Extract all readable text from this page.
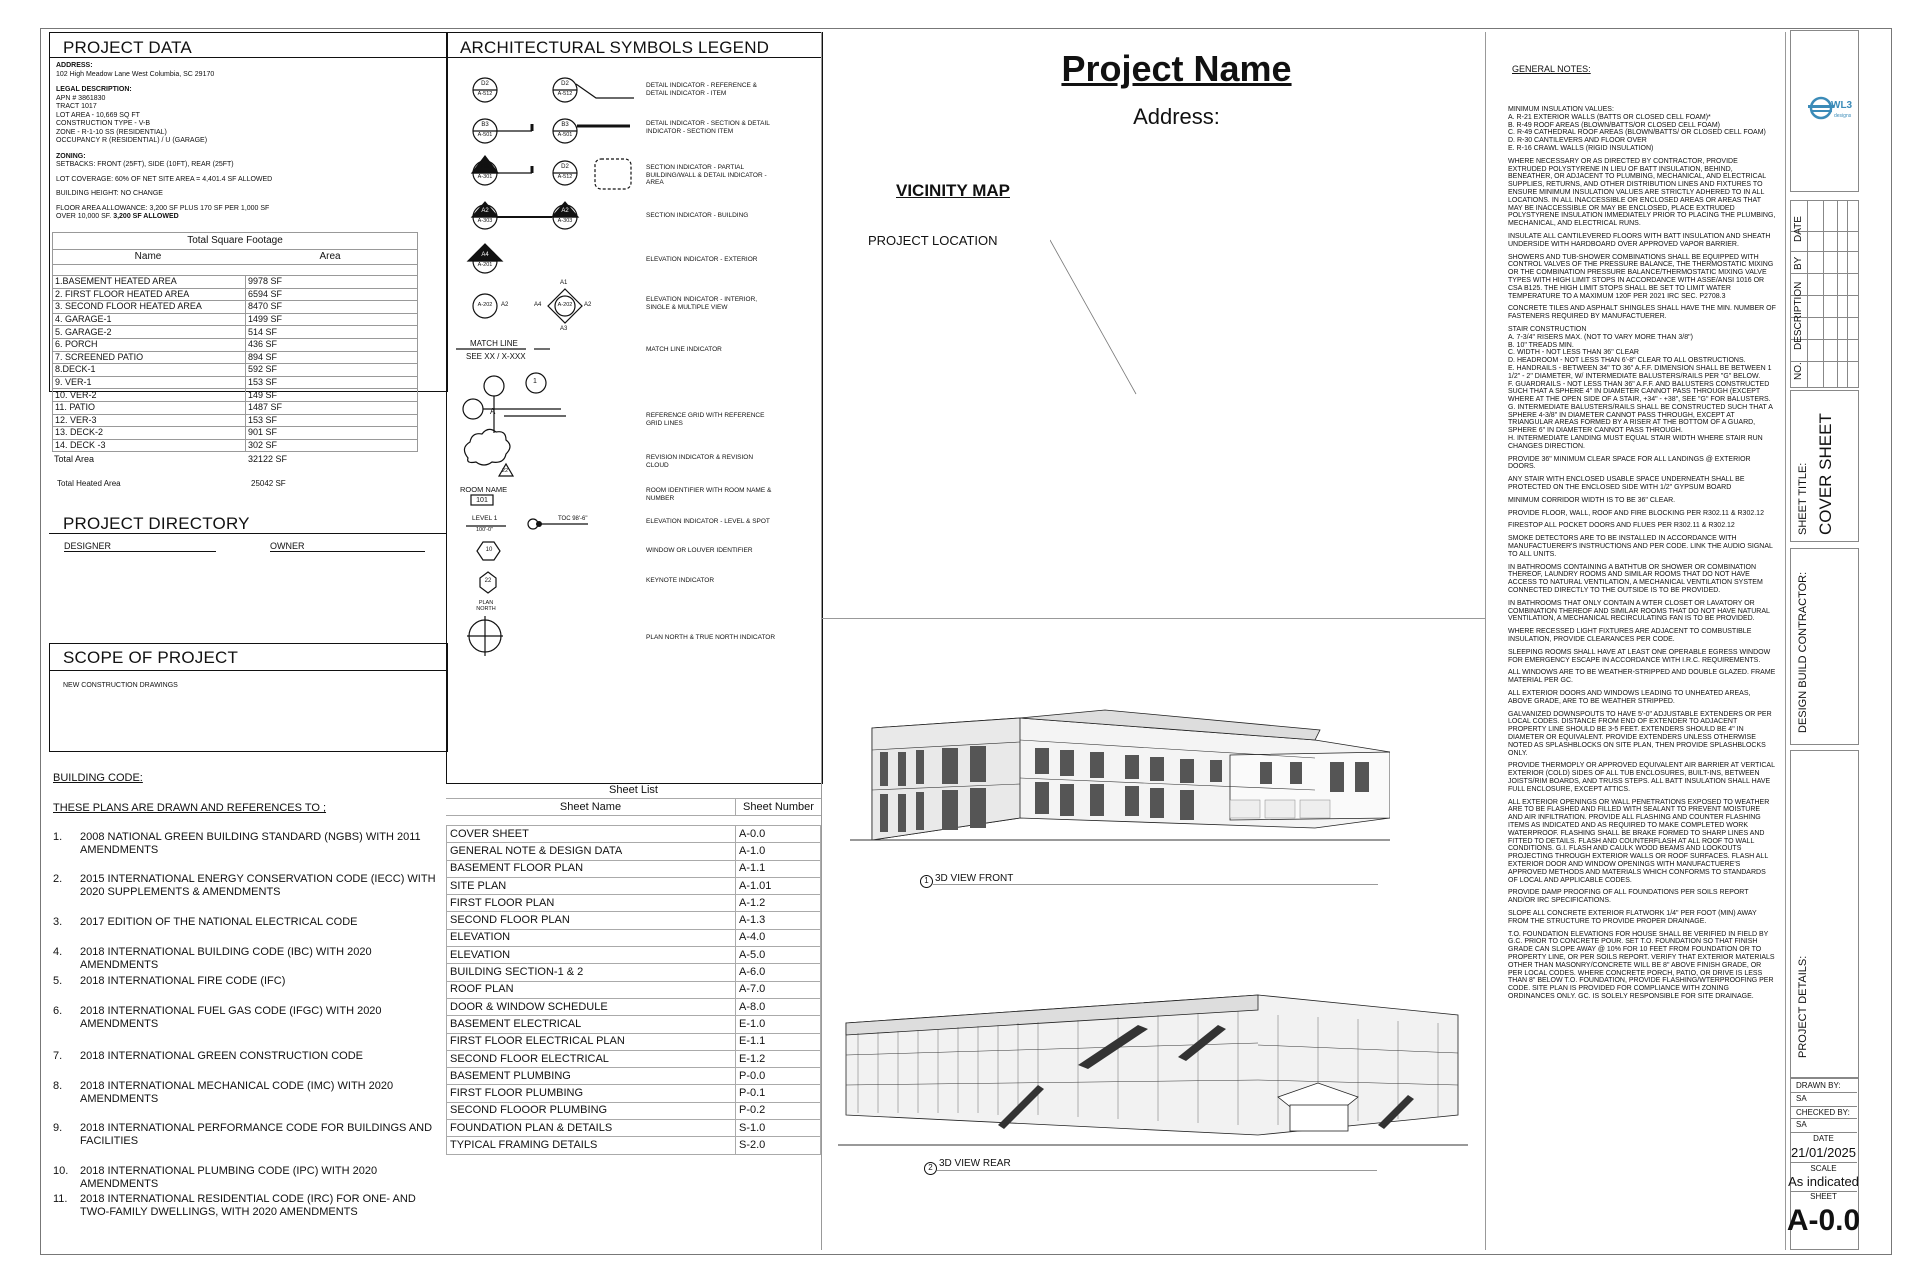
PROJECT DATA
ADDRESS:
102 High Meadow Lane West Columbia, SC 29170
LEGAL DESCRIPTION:
APN # 3861830
TRACT 1017
LOT AREA - 10,669 SQ FT
CONSTRUCTION TYPE - V-B
ZONE - R-1-10 SS (RESIDENTIAL)
OCCUPANCY R (RESIDENTIAL) / U (GARAGE)
ZONING:
SETBACKS: FRONT (25FT), SIDE (10FT), REAR (25FT)
LOT COVERAGE: 60% OF NET SITE AREA = 4,401.4 SF ALLOWED
BUILDING HEIGHT: NO CHANGE
FLOOR AREA ALLOWANCE: 3,200 SF PLUS 170 SF PER 1,000 SF
OVER 10,000 SF. 3,200 SF ALLOWED
Total Square Footage
Name	Area
1.BASEMENT HEATED AREA	9978 SF
2. FIRST FLOOR HEATED AREA	6594 SF
3. SECOND FLOOR HEATED AREA	8470 SF
4. GARAGE-1	1499 SF
5. GARAGE-2	514 SF
6. PORCH	436 SF
7. SCREENED PATIO	894 SF
8.DECK-1	592 SF
9. VER-1	153 SF
10. VER-2	149 SF
11. PATIO	1487 SF
12. VER-3	153 SF
13. DECK-2	901 SF
14. DECK -3	302 SF
Total Area	32122 SF
Total Heated Area	25042 SF
PROJECT DIRECTORY
DESIGNER	OWNER
SCOPE OF PROJECT
NEW CONSTRUCTION DRAWINGS
BUILDING CODE:
THESE PLANS ARE DRAWN AND REFERENCES TO ;
1. 2008 NATIONAL GREEN BUILDING STANDARD (NGBS) WITH 2011 AMENDMENTS
2. 2015 INTERNATIONAL ENERGY CONSERVATION CODE (IECC) WITH 2020 SUPPLEMENTS & AMENDMENTS
3. 2017 EDITION OF THE NATIONAL ELECTRICAL CODE
4. 2018 INTERNATIONAL BUILDING CODE (IBC) WITH 2020 AMENDMENTS
5. 2018 INTERNATIONAL FIRE CODE (IFC)
6. 2018 INTERNATIONAL FUEL GAS CODE (IFGC) WITH 2020 AMENDMENTS
7. 2018 INTERNATIONAL GREEN CONSTRUCTION CODE
8. 2018 INTERNATIONAL MECHANICAL CODE (IMC) WITH 2020 AMENDMENTS
9. 2018 INTERNATIONAL PERFORMANCE CODE FOR BUILDINGS AND FACILITIES
10. 2018 INTERNATIONAL PLUMBING CODE (IPC) WITH 2020 AMENDMENTS
11. 2018 INTERNATIONAL RESIDENTIAL CODE (IRC) FOR ONE- AND TWO-FAMILY DWELLINGS, WITH 2020 AMENDMENTS
ARCHITECTURAL SYMBOLS LEGEND
D2
A-512
D2
A-512
B3
A-501
B3
A-501
B3
A-301
D2
A-512
A2
A-303
A2
A-303
A4
A-201
A-202	A2	A-202
A4	A2
A1
A3
MATCH LINE
SEE XX / X-XXX
A
1
22
ROOM NAME
101
LEVEL 1
100'-0"
TOC 98'-6"
10
22
PLAN NORTH
DETAIL INDICATOR - REFERENCE & DETAIL INDICATOR - ITEM
DETAIL INDICATOR - SECTION & DETAIL INDICATOR - SECTION ITEM
SECTION INDICATOR - PARTIAL BUILDING/WALL & DETAIL INDICATOR - AREA
SECTION INDICATOR - BUILDING
ELEVATION INDICATOR - EXTERIOR
ELEVATION INDICATOR - INTERIOR, SINGLE & MULTIPLE VIEW
MATCH LINE INDICATOR
REFERENCE GRID WITH REFERENCE GRID LINES
REVISION INDICATOR & REVISION CLOUD
ROOM IDENTIFIER WITH ROOM NAME & NUMBER
ELEVATION INDICATOR - LEVEL & SPOT
WINDOW OR LOUVER IDENTIFIER
KEYNOTE INDICATOR
PLAN NORTH & TRUE NORTH INDICATOR
Sheet List
Sheet Name	Sheet Number
COVER SHEET	A-0.0
GENERAL NOTE & DESIGN DATA	A-1.0
BASEMENT FLOOR PLAN	A-1.1
SITE PLAN	A-1.01
FIRST FLOOR PLAN	A-1.2
SECOND FLOOR PLAN	A-1.3
ELEVATION	A-4.0
ELEVATION	A-5.0
BUILDING SECTION-1 & 2	A-6.0
ROOF PLAN	A-7.0
DOOR & WINDOW SCHEDULE	A-8.0
BASEMENT ELECTRICAL	E-1.0
FIRST FLOOR ELECTRICAL PLAN	E-1.1
SECOND FLOOR ELECTRICAL	E-1.2
BASEMENT PLUMBING	P-0.0
FIRST FLOOR PLUMBING	P-0.1
SECOND FLOOOR PLUMBING	P-0.2
FOUNDATION PLAN & DETAILS	S-1.0
TYPICAL FRAMING DETAILS	S-2.0
Project Name
Address:
VICINITY MAP
PROJECT LOCATION
1 3D VIEW FRONT
2 3D VIEW REAR
GENERAL NOTES:
MINIMUM INSULATION VALUES:
A. R-21 EXTERIOR WALLS (BATTS OR CLOSED CELL FOAM)*
B. R-49 ROOF AREAS (BLOWN/BATTS/OR CLOSED CELL FOAM)
C. R-49 CATHEDRAL ROOF AREAS (BLOWN/BATTS/ OR CLOSED CELL FOAM)
D. R-30 CANTILEVERS AND FLOOR OVER
E. R-16 CRAWL WALLS (RIGID INSULATION)
WHERE NECESSARY OR AS DIRECTED BY CONTRACTOR, PROVIDE EXTRUDED POLYSTYRENE IN LIEU OF BATT INSULATION, BEHIND, BENEATHER, OR ADJACENT TO PLUMBING, MECHANICAL, AND ELECTRICAL SUPPLIES, RETURNS, AND OTHER DISTRIBUTION LINES AND FIXTURES TO ENSURE MINIMUM INSULATION VALUES ARE STRICTLY ADHERED TO IN ALL LOCATIONS. IN ALL INACCESSIBLE OR ENCLOSED AREAS OR AREAS THAT MAY BE INACCESSIBLE OR MAY BE ENCLOSED, PLACE EXTRUDED POLYSTYRENE INSULATION IMMEDIATELY PRIOR TO PLACING THE PLUMBING, MECHANICAL, AND ELECTRICAL RUNS.
INSULATE ALL CANTILEVERED FLOORS WITH BATT INSULATION AND SHEATH UNDERSIDE WITH HARDBOARD OVER APPROVED VAPOR BARRIER.
SHOWERS AND TUB-SHOWER COMBINATIONS SHALL BE EQUIPPED WITH CONTROL VALVES OF THE PRESSURE BALANCE, THE THERMOSTATIC MIXING OR THE COMBINATION PRESSURE BALANCE/THERMOSTATIC MIXING VALVE TYPES WITH HIGH LIMIT STOPS IN ACCORDANCE WITH ASSE/ANSI 1016 OR CSA B125. THE HIGH LIMIT STOPS SHALL BE SET TO LIMIT WATER TEMPERATURE TO A MAXIMUM 120F PER 2021 IRC SEC. P2708.3
CONCRETE TILES AND ASPHALT SHINGLES SHALL HAVE THE MIN. NUMBER OF FASTENERS REQUIRED BY MANUFACTUERER.
STAIR CONSTRUCTION
A. 7-3/4" RISERS MAX. (NOT TO VARY MORE THAN 3/8")
B. 10" TREADS MIN.
C. WIDTH - NOT LESS THAN 36" CLEAR
D. HEADROOM - NOT LESS THAN 6'-8" CLEAR TO ALL OBSTRUCTIONS.
E. HANDRAILS - BETWEEN 34" TO 36" A.F.F. DIMENSION SHALL BE BETWEEN 1 1/2" - 2" DIAMETER, W/ INTERMEDIATE BALUSTERS/RAILS PER "G" BELOW.
F. GUARDRAILS - NOT LESS THAN 36" A.F.F. AND BALUSTERS CONSTRUCTED SUCH THAT A SPHERE 4" IN DIAMETER CANNOT PASS THROUGH (EXCEPT WHERE AT THE OPEN SIDE OF A STAIR, +34" - +38", SEE "G" FOR BALUSTERS.
G. INTERMEDIATE BALUSTERS/RAILS SHALL BE CONSTRUCTED SUCH THAT A SPHERE 4-3/8" IN DIAMETER CANNOT PASS THROUGH, EXCEPT AT TRIANGULAR AREAS FORMED BY A RISER AT THE BOTTOM OF A GUARD, SPHERE 6" IN DIAMETER CANNOT PASS THROUGH.
H. INTERMEDIATE LANDING MUST EQUAL STAIR WIDTH WHERE STAIR RUN CHANGES DIRECTION.
PROVIDE 36" MINIMUM CLEAR SPACE FOR ALL LANDINGS @ EXTERIOR DOORS.
ANY STAIR WITH ENCLOSED USABLE SPACE UNDERNEATH SHALL BE PROTECTED ON THE ENCLOSED SIDE WITH 1/2" GYPSUM BOARD
MINIMUM CORRIDOR WIDTH IS TO BE 36" CLEAR.
PROVIDE FLOOR, WALL, ROOF AND FIRE BLOCKING PER R302.11 & R302.12
FIRESTOP ALL POCKET DOORS AND FLUES PER R302.11 & R302.12
SMOKE DETECTORS ARE TO BE INSTALLED IN ACCORDANCE WITH MANUFACTUERER'S INSTRUCTIONS AND PER CODE. LINK THE AUDIO SIGNAL TO ALL UNITS.
IN BATHROOMS CONTAINING A BATHTUB OR SHOWER OR COMBINATION THEREOF, LAUNDRY ROOMS AND SIMILAR ROOMS THAT DO NOT HAVE ACCESS TO NATURAL VENTILATION, A MECHANICAL VENTILATION SYSTEM CONNECTED DIRECTLY TO THE OUTSIDE IS TO BE PROVIDED.
IN BATHROOMS THAT ONLY CONTAIN A WTER CLOSET OR LAVATORY OR COMBINATION THEREOF AND SIMILAR ROOMS THAT DO NOT HAVE NATURAL VENTILATION, A MECHANICAL RECIRCULATING FAN IS TO BE PROVIDED.
WHERE RECESSED LIGHT FIXTURES ARE ADJACENT TO COMBUSTIBLE INSULATION, PROVIDE CLEARANCES PER CODE.
SLEEPING ROOMS SHALL HAVE AT LEAST ONE OPERABLE EGRESS WINDOW FOR EMERGENCY ESCAPE IN ACCORDANCE WITH I.R.C. REQUIREMENTS.
ALL WINDOWS ARE TO BE WEATHER-STRIPPED AND DOUBLE GLAZED. FRAME MATERIAL PER GC.
ALL EXTERIOR DOORS AND WINDOWS LEADING TO UNHEATED AREAS, ABOVE GRADE, ARE TO BE WEATHER STRIPPED.
GALVANIZED DOWNSPOUTS TO HAVE 5'-0" ADJUSTABLE EXTENDERS OR PER LOCAL CODES. DISTANCE FROM END OF EXTENDER TO ADJACENT PROPERTY LINE SHOULD BE 3-5 FEET. EXTENDERS SHOULD BE 4" IN DIAMETER OR EQUIVALENT. PROVIDE EXTENDERS UNLESS OTHERWISE NOTED AS SPLASHBLOCKS ON SITE PLAN, THEN PROVIDE SPLASHBLOCKS ONLY.
PROVIDE THERMOPLY OR APPROVED EQUIVALENT AIR BARRIER AT VERTICAL EXTERIOR (COLD) SIDES OF ALL TUB ENCLOSURES, BUILT-INS, BETWEEN JOISTS/RIM BOARDS, AND TRUSS STEPS. ALL BATT INSULATION SHALL HAVE FULL ENCLOSURE, EXCEPT ATTICS.
ALL EXTERIOR OPENINGS OR WALL PENETRATIONS EXPOSED TO WEATHER ARE TO BE FLASHED AND FILLED WITH SEALANT TO PREVENT MOISTURE AND AIR INFILTRATION. PROVIDE ALL FLASHING AND COUNTER FLASHING ITEMS AS INDICATED AND AS REQUIRED TO MAKE COMPLETED WORK WATERPROOF. FLASHING SHALL BE BRAKE FORMED TO SHARP LINES AND FITTED TO DETAILS. FLASH AND COUNTERFLASH AT ALL ROOF TO WALL CONDITIONS. G.I. FLASH AND CAULK WOOD BEAMS AND LOOKOUTS PROJECTING THROUGH EXTERIOR WALLS OR ROOF SURFACES. FLASH ALL EXTERIOR DOOR AND WINDOW OPENINGS WITH MANUFACTUERE'S APPROVED METHODS AND MATERIALS WHICH CONFORMS TO STANDARDS OF LOCAL AND APPLICABLE CODES.
PROVIDE DAMP PROOFING OF ALL FOUNDATIONS PER SOILS REPORT AND/OR IRC SPECIFICATIONS.
SLOPE ALL CONCRETE EXTERIOR FLATWORK 1/4" PER FOOT (MIN) AWAY FROM THE STRUCTURE TO PROVIDE PROPER DRAINAGE.
T.O. FOUNDATION ELEVATIONS FOR HOUSE SHALL BE VERIFIED IN FIELD BY G.C. PRIOR TO CONCRETE POUR. SET T.O. FOUNDATION SO THAT FINISH GRADE CAN SLOPE AWAY @ 10% FOR 10 FEET FROM FOUNDATION OR TO PROPERTY LINE, OR PER SOILS REPORT. VERIFY THAT EXTERIOR MATERIALS OTHER THAN MASONRY/CONCRETE WILL BE 8" ABOVE FINISH GRADE, OR PER LOCAL CODES. WHERE CONCRETE PORCH, PATIO, OR DRIVE IS LESS THAN 8" BELOW T.O. FOUNDATION, PROVIDE FLASHING/WTERPROOFING PER CODE. SITE PLAN IS PROVIDED FOR COMPLIANCE WITH ZONING ORDINANCES ONLY. GC. IS SOLELY RESPONSIBLE FOR SITE DRAINAGE.
WL3
designs
DATE
BY
DESCRIPTION
NO.
SHEET TITLE: COVER SHEET
DESIGN BUILD CONTRACTOR:
PROJECT DETAILS:
DRAWN BY:
SA
CHECKED BY:
SA
DATE
21/01/2025
SCALE
As indicated
SHEET
A-0.0
